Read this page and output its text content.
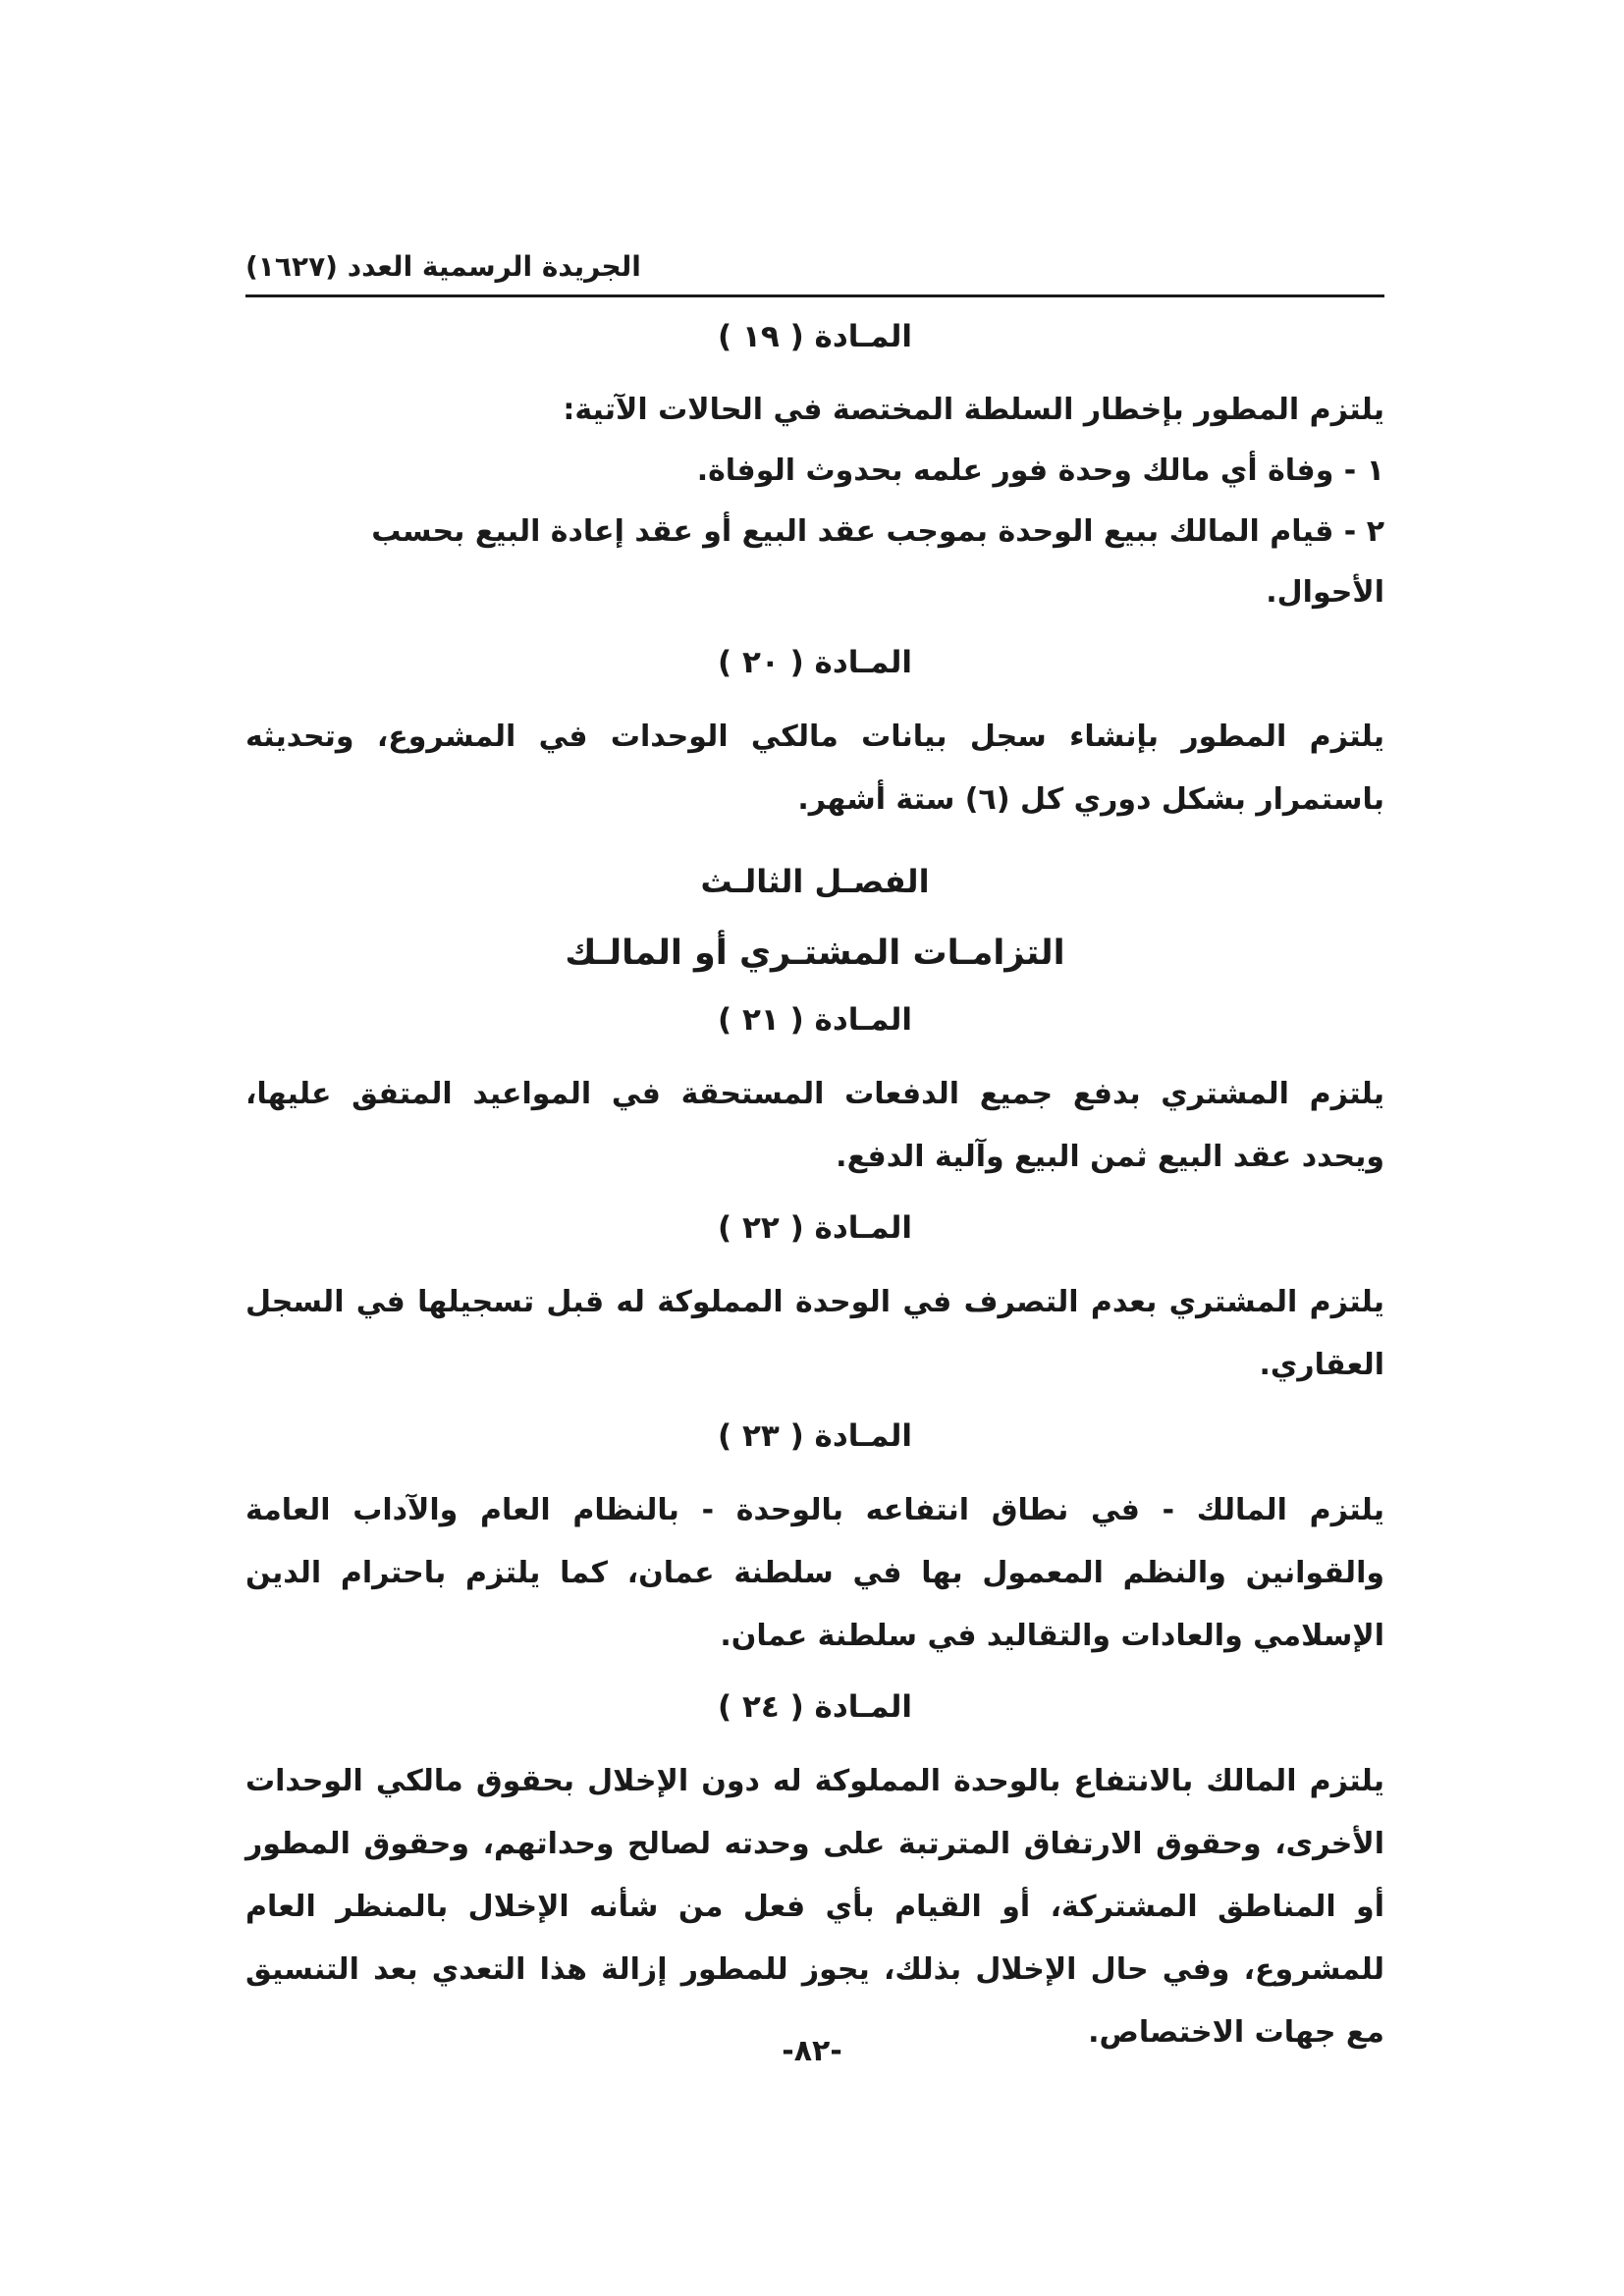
الجريدة الرسمية العدد (١٦٢٧)
المـادة ( ١٩ )

يلتزم المطور بإخطار السلطة المختصة في الحالات الآتية:

١ - وفاة أي مالك وحدة فور علمه بحدوث الوفاة.

٢ - قيام المالك ببيع الوحدة بموجب عقد البيع أو عقد إعادة البيع بحسب الأحوال.

المـادة ( ٢٠ )

يلتزم المطور بإنشاء سجل بيانات مالكي الوحدات في المشروع، وتحديثه باستمرار بشكل دوري كل (٦) ستة أشهر.

الفصـل الثالـث
التزامـات المشتـري أو المالـك
المـادة ( ٢١ )

يلتزم المشتري بدفع جميع الدفعات المستحقة في المواعيد المتفق عليها، ويحدد عقد البيع ثمن البيع وآلية الدفع.

المـادة ( ٢٢ )

يلتزم المشتري بعدم التصرف في الوحدة المملوكة له قبل تسجيلها في السجل العقاري.

المـادة ( ٢٣ )

يلتزم المالك - في نطاق انتفاعه بالوحدة - بالنظام العام والآداب العامة والقوانين والنظم المعمول بها في سلطنة عمان، كما يلتزم باحترام الدين الإسلامي والعادات والتقاليد في سلطنة عمان.

المـادة ( ٢٤ )

يلتزم المالك بالانتفاع بالوحدة المملوكة له دون الإخلال بحقوق مالكي الوحدات الأخرى، وحقوق الارتفاق المترتبة على وحدته لصالح وحداتهم، وحقوق المطور أو المناطق المشتركة، أو القيام بأي فعل من شأنه الإخلال بالمنظر العام للمشروع، وفي حال الإخلال بذلك، يجوز للمطور إزالة هذا التعدي بعد التنسيق مع جهات الاختصاص.

-٨٢-
